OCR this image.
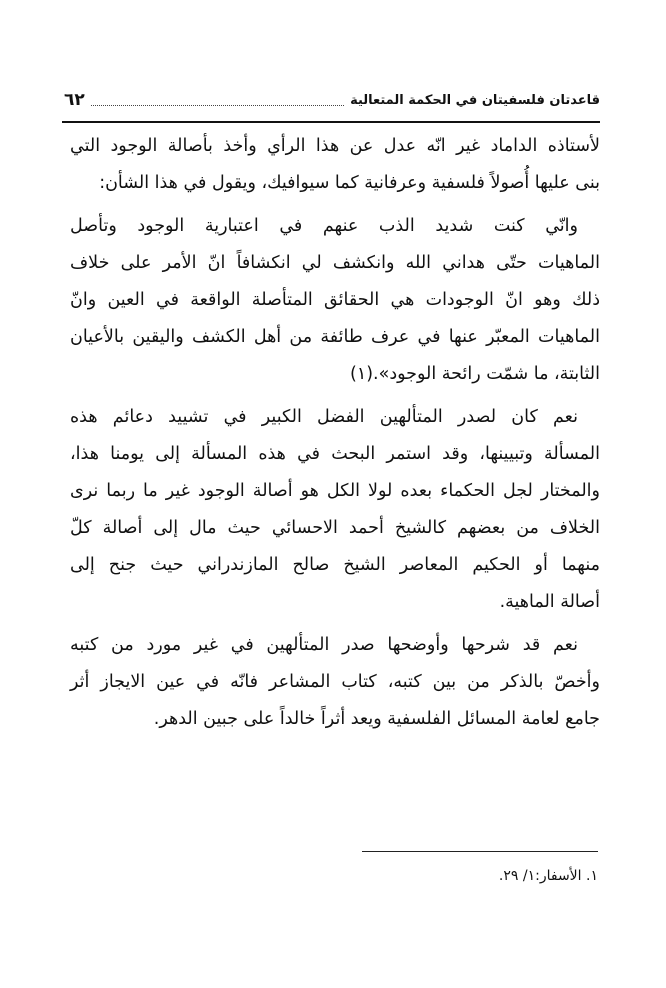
قاعدتان فلسفيتان في الحكمة المتعالية
٦٢
لأستاذه الداماد غير انّه عدل عن هذا الرأي وأخذ بأصالة الوجود التي
بنى عليها أُصولاً فلسفية وعرفانية كما سيوافيك، ويقول في هذا الشأن:
وانّي كنت شديد الذب عنهم في اعتبارية الوجود وتأصل
الماهيات حتّى هداني الله وانكشف لي انكشافاً انّ الأمر على خلاف
ذلك وهو انّ الوجودات هي الحقائق المتأصلة الواقعة في العين وانّ
الماهيات المعبّر عنها في عرف طائفة من أهل الكشف واليقين بالأعيان
الثابتة، ما شمّت رائحة الوجود».(١)
نعم كان لصدر المتألهين الفضل الكبير في تشييد دعائم هذه
المسألة وتبيينها، وقد استمر البحث في هذه المسألة إلى يومنا هذا،
والمختار لجل الحكماء بعده لولا الكل هو أصالة الوجود غير ما ربما نرى
الخلاف من بعضهم كالشيخ أحمد الاحسائي حيث مال إلى أصالة كلّ
منهما أو الحكيم المعاصر الشيخ صالح المازندراني حيث جنح إلى
أصالة الماهية.
نعم قد شرحها وأوضحها صدر المتألهين في غير مورد من كتبه
وأخصّ بالذكر من بين كتبه، كتاب المشاعر فانّه في عين الايجاز أثر
جامع لعامة المسائل الفلسفية ويعد أثراً خالداً على جبين الدهر.
١. الأسفار:١/ ٢٩.
